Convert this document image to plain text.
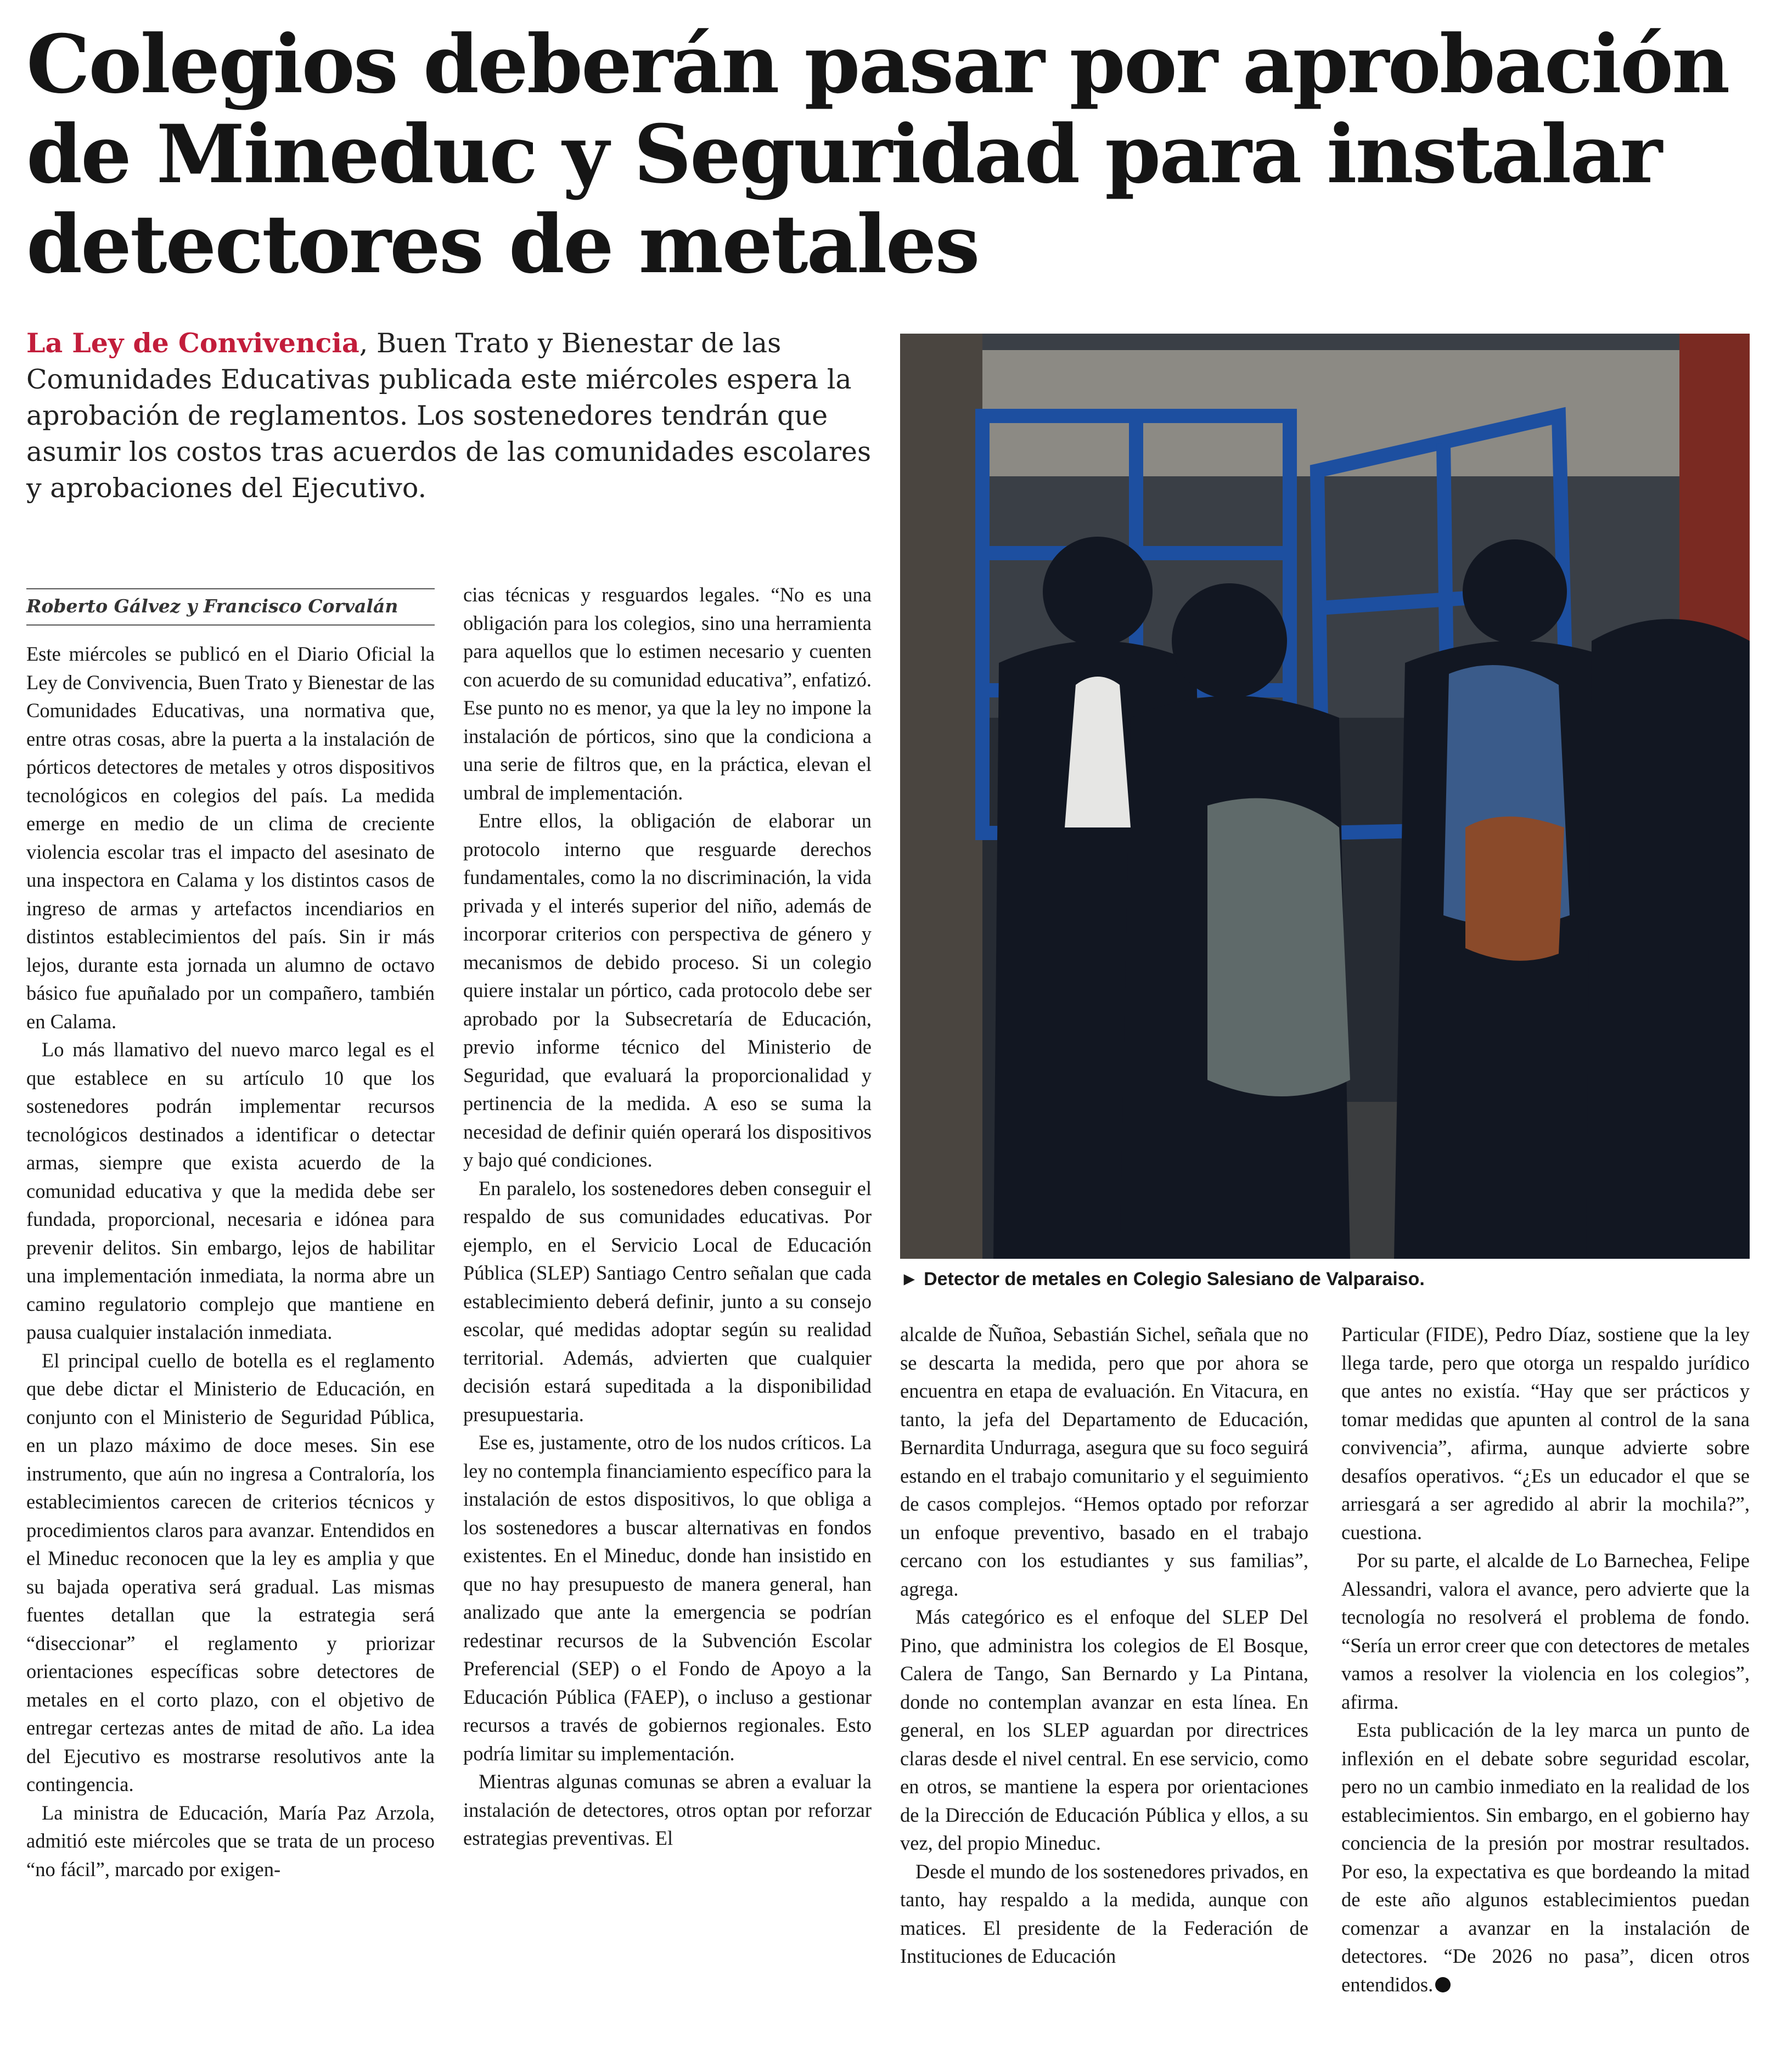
Colegios deberán pasar por aprobación de Mineduc y Seguridad para instalar detectores de metales

La Ley de Convivencia, Buen Trato y Bienestar de las Comunidades Educativas publicada este miércoles espera la aprobación de reglamentos. Los sostenedores tendrán que asumir los costos tras acuerdos de las comunidades escolares y aprobaciones del Ejecutivo.

► Detector de metales en Colegio Salesiano de Valparaiso.

Roberto Gálvez y Francisco Corvalán

Este miércoles se publicó en el Diario Oficial la Ley de Convivencia, Buen Trato y Bienestar de las Comunidades Educativas, una normativa que, entre otras cosas, abre la puerta a la instalación de pórticos detectores de metales y otros dispositivos tecnológicos en colegios del país. La medida emerge en medio de un clima de creciente violencia escolar tras el impacto del asesinato de una inspectora en Calama y los distintos casos de ingreso de armas y artefactos incendiarios en distintos establecimientos del país. Sin ir más lejos, durante esta jornada un alumno de octavo básico fue apuñalado por un compañero, también en Calama.

Lo más llamativo del nuevo marco legal es el que establece en su artículo 10 que los sostenedores podrán implementar recursos tecnológicos destinados a identificar o detectar armas, siempre que exista acuerdo de la comunidad educativa y que la medida debe ser fundada, proporcional, necesaria e idónea para prevenir delitos. Sin embargo, lejos de habilitar una implementación inmediata, la norma abre un camino regulatorio complejo que mantiene en pausa cualquier instalación inmediata.

El principal cuello de botella es el reglamento que debe dictar el Ministerio de Educación, en conjunto con el Ministerio de Seguridad Pública, en un plazo máximo de doce meses. Sin ese instrumento, que aún no ingresa a Contraloría, los establecimientos carecen de criterios técnicos y procedimientos claros para avanzar. Entendidos en el Mineduc reconocen que la ley es amplia y que su bajada operativa será gradual. Las mismas fuentes detallan que la estrategia será “diseccionar” el reglamento y priorizar orientaciones específicas sobre detectores de metales en el corto plazo, con el objetivo de entregar certezas antes de mitad de año. La idea del Ejecutivo es mostrarse resolutivos ante la contingencia.

La ministra de Educación, María Paz Arzola, admitió este miércoles que se trata de un proceso “no fácil”, marcado por exigen-

cias técnicas y resguardos legales. “No es una obligación para los colegios, sino una herramienta para aquellos que lo estimen necesario y cuenten con acuerdo de su comunidad educativa”, enfatizó. Ese punto no es menor, ya que la ley no impone la instalación de pórticos, sino que la condiciona a una serie de filtros que, en la práctica, elevan el umbral de implementación.

Entre ellos, la obligación de elaborar un protocolo interno que resguarde derechos fundamentales, como la no discriminación, la vida privada y el interés superior del niño, además de incorporar criterios con perspectiva de género y mecanismos de debido proceso. Si un colegio quiere instalar un pórtico, cada protocolo debe ser aprobado por la Subsecretaría de Educación, previo informe técnico del Ministerio de Seguridad, que evaluará la proporcionalidad y pertinencia de la medida. A eso se suma la necesidad de definir quién operará los dispositivos y bajo qué condiciones.

En paralelo, los sostenedores deben conseguir el respaldo de sus comunidades educativas. Por ejemplo, en el Servicio Local de Educación Pública (SLEP) Santiago Centro señalan que cada establecimiento deberá definir, junto a su consejo escolar, qué medidas adoptar según su realidad territorial. Además, advierten que cualquier decisión estará supeditada a la disponibilidad presupuestaria.

Ese es, justamente, otro de los nudos críticos. La ley no contempla financiamiento específico para la instalación de estos dispositivos, lo que obliga a los sostenedores a buscar alternativas en fondos existentes. En el Mineduc, donde han insistido en que no hay presupuesto de manera general, han analizado que ante la emergencia se podrían redestinar recursos de la Subvención Escolar Preferencial (SEP) o el Fondo de Apoyo a la Educación Pública (FAEP), o incluso a gestionar recursos a través de gobiernos regionales. Esto podría limitar su implementación.

Mientras algunas comunas se abren a evaluar la instalación de detectores, otros optan por reforzar estrategias preventivas. El

alcalde de Ñuñoa, Sebastián Sichel, señala que no se descarta la medida, pero que por ahora se encuentra en etapa de evaluación. En Vitacura, en tanto, la jefa del Departamento de Educación, Bernardita Undurraga, asegura que su foco seguirá estando en el trabajo comunitario y el seguimiento de casos complejos. “Hemos optado por reforzar un enfoque preventivo, basado en el trabajo cercano con los estudiantes y sus familias”, agrega.

Más categórico es el enfoque del SLEP Del Pino, que administra los colegios de El Bosque, Calera de Tango, San Bernardo y La Pintana, donde no contemplan avanzar en esta línea. En general, en los SLEP aguardan por directrices claras desde el nivel central. En ese servicio, como en otros, se mantiene la espera por orientaciones de la Dirección de Educación Pública y ellos, a su vez, del propio Mineduc.

Desde el mundo de los sostenedores privados, en tanto, hay respaldo a la medida, aunque con matices. El presidente de la Federación de Instituciones de Educación

Particular (FIDE), Pedro Díaz, sostiene que la ley llega tarde, pero que otorga un respaldo jurídico que antes no existía. “Hay que ser prácticos y tomar medidas que apunten al control de la sana convivencia”, afirma, aunque advierte sobre desafíos operativos. “¿Es un educador el que se arriesgará a ser agredido al abrir la mochila?”, cuestiona.

Por su parte, el alcalde de Lo Barnechea, Felipe Alessandri, valora el avance, pero advierte que la tecnología no resolverá el problema de fondo. “Sería un error creer que con detectores de metales vamos a resolver la violencia en los colegios”, afirma.

Esta publicación de la ley marca un punto de inflexión en el debate sobre seguridad escolar, pero no un cambio inmediato en la realidad de los establecimientos. Sin embargo, en el gobierno hay conciencia de la presión por mostrar resultados. Por eso, la expectativa es que bordeando la mitad de este año algunos establecimientos puedan comenzar a avanzar en la instalación de detectores. “De 2026 no pasa”, dicen otros entendidos.
